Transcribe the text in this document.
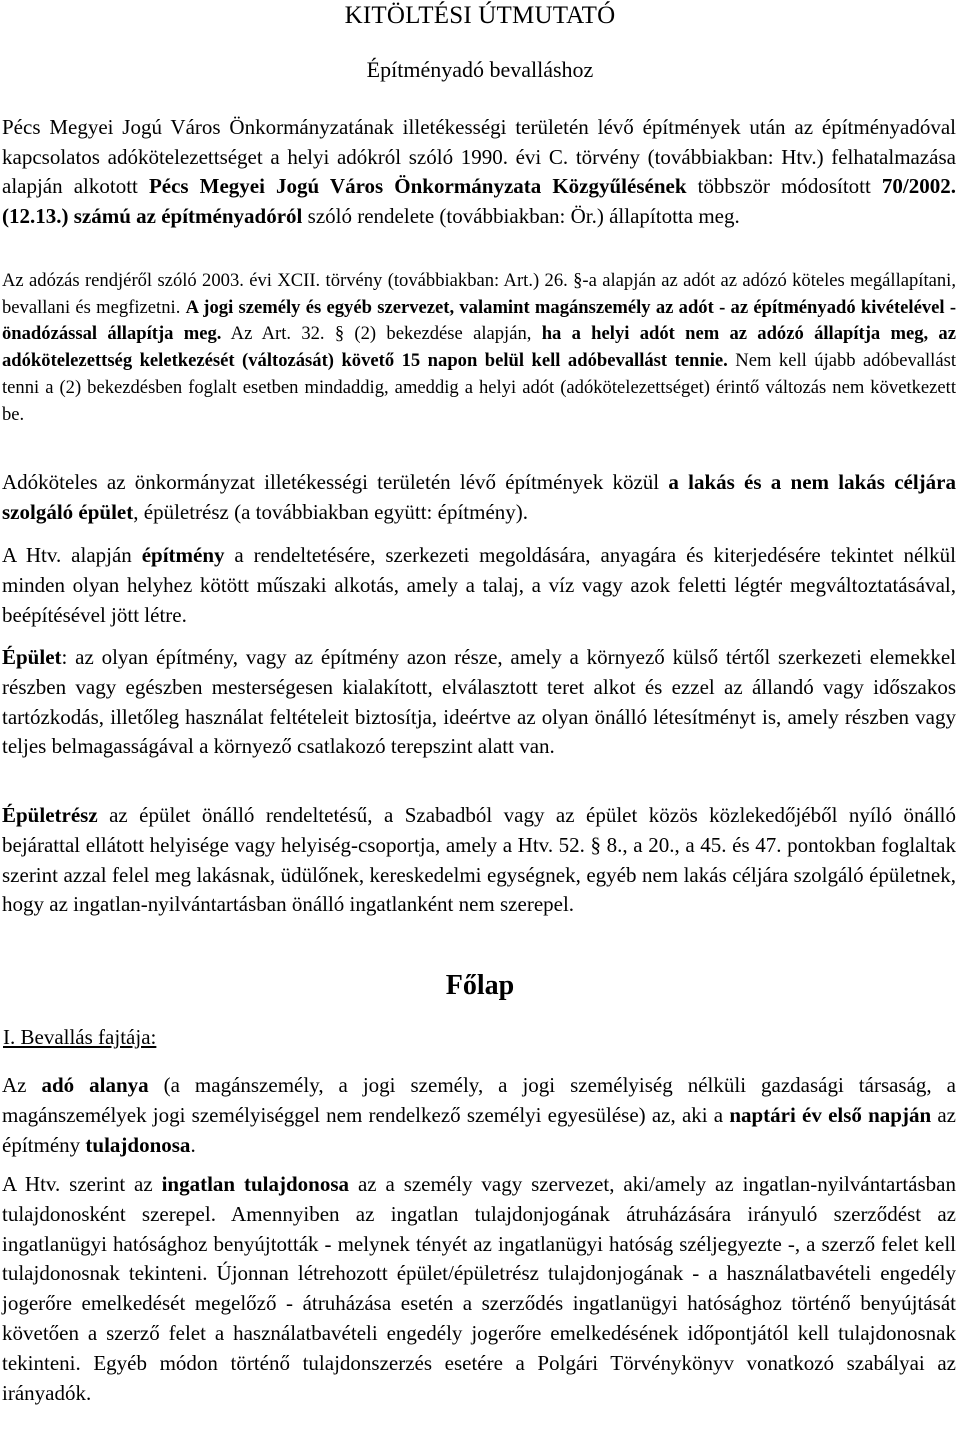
KITÖLTÉSI ÚTMUTATÓ
Építményadó bevalláshoz
Pécs Megyei Jogú Város Önkormányzatának illetékességi területén lévő építmények után az építményadóval kapcsolatos adókötelezettséget a helyi adókról szóló 1990. évi C. törvény (továbbiakban: Htv.) felhatalmazása alapján alkotott Pécs Megyei Jogú Város Önkormányzata Közgyűlésének többször módosított 70/2002. (12.13.) számú az építményadóról szóló rendelete (továbbiakban: Ör.) állapította meg.
Az adózás rendjéről szóló 2003. évi XCII. törvény (továbbiakban: Art.) 26. §-a alapján az adót az adózó köteles megállapítani, bevallani és megfizetni. A jogi személy és egyéb szervezet, valamint magánszemély az adót - az építményadó kivételével - önadózással állapítja meg. Az Art. 32. § (2) bekezdése alapján, ha a helyi adót nem az adózó állapítja meg, az adókötelezettség keletkezését (változását) követő 15 napon belül kell adóbevallást tennie. Nem kell újabb adóbevallást tenni a (2) bekezdésben foglalt esetben mindaddig, ameddig a helyi adót (adókötelezettséget) érintő változás nem következett be.
Adóköteles az önkormányzat illetékességi területén lévő építmények közül a lakás és a nem lakás céljára szolgáló épület, épületrész (a továbbiakban együtt: építmény).
A Htv. alapján építmény a rendeltetésére, szerkezeti megoldására, anyagára és kiterjedésére tekintet nélkül minden olyan helyhez kötött műszaki alkotás, amely a talaj, a víz vagy azok feletti légtér megváltoztatásával, beépítésével jött létre.
Épület: az olyan építmény, vagy az építmény azon része, amely a környező külső tértől szerkezeti elemekkel részben vagy egészben mesterségesen kialakított, elválasztott teret alkot és ezzel az állandó vagy időszakos tartózkodás, illetőleg használat feltételeit biztosítja, ideértve az olyan önálló létesítményt is, amely részben vagy teljes belmagasságával a környező csatlakozó terepszint alatt van.
Épületrész az épület önálló rendeltetésű, a Szabadból vagy az épület közös közlekedőjéből nyíló önálló bejárattal ellátott helyisége vagy helyiség-csoportja, amely a Htv. 52. § 8., a 20., a 45. és 47. pontokban foglaltak szerint azzal felel meg lakásnak, üdülőnek, kereskedelmi egységnek, egyéb nem lakás céljára szolgáló épületnek, hogy az ingatlan-nyilvántartásban önálló ingatlanként nem szerepel.
Főlap
I. Bevallás fajtája:
Az adó alanya (a magánszemély, a jogi személy, a jogi személyiség nélküli gazdasági társaság, a magánszemélyek jogi személyiséggel nem rendelkező személyi egyesülése) az, aki a naptári év első napján az építmény tulajdonosa.
A Htv. szerint az ingatlan tulajdonosa az a személy vagy szervezet, aki/amely az ingatlan-nyilvántartásban tulajdonosként szerepel. Amennyiben az ingatlan tulajdonjogának átruházására irányuló szerződést az ingatlanügyi hatósághoz benyújtották - melynek tényét az ingatlanügyi hatóság széljegyezte -, a szerző felet kell tulajdonosnak tekinteni. Újonnan létrehozott épület/épületrész tulajdonjogának - a használatbavételi engedély jogerőre emelkedését megelőző - átruházása esetén a szerződés ingatlanügyi hatósághoz történő benyújtását követően a szerző felet a használatbavételi engedély jogerőre emelkedésének időpontjától kell tulajdonosnak tekinteni. Egyéb módon történő tulajdonszerzés esetére a Polgári Törvénykönyv vonatkozó szabályai az irányadók.
